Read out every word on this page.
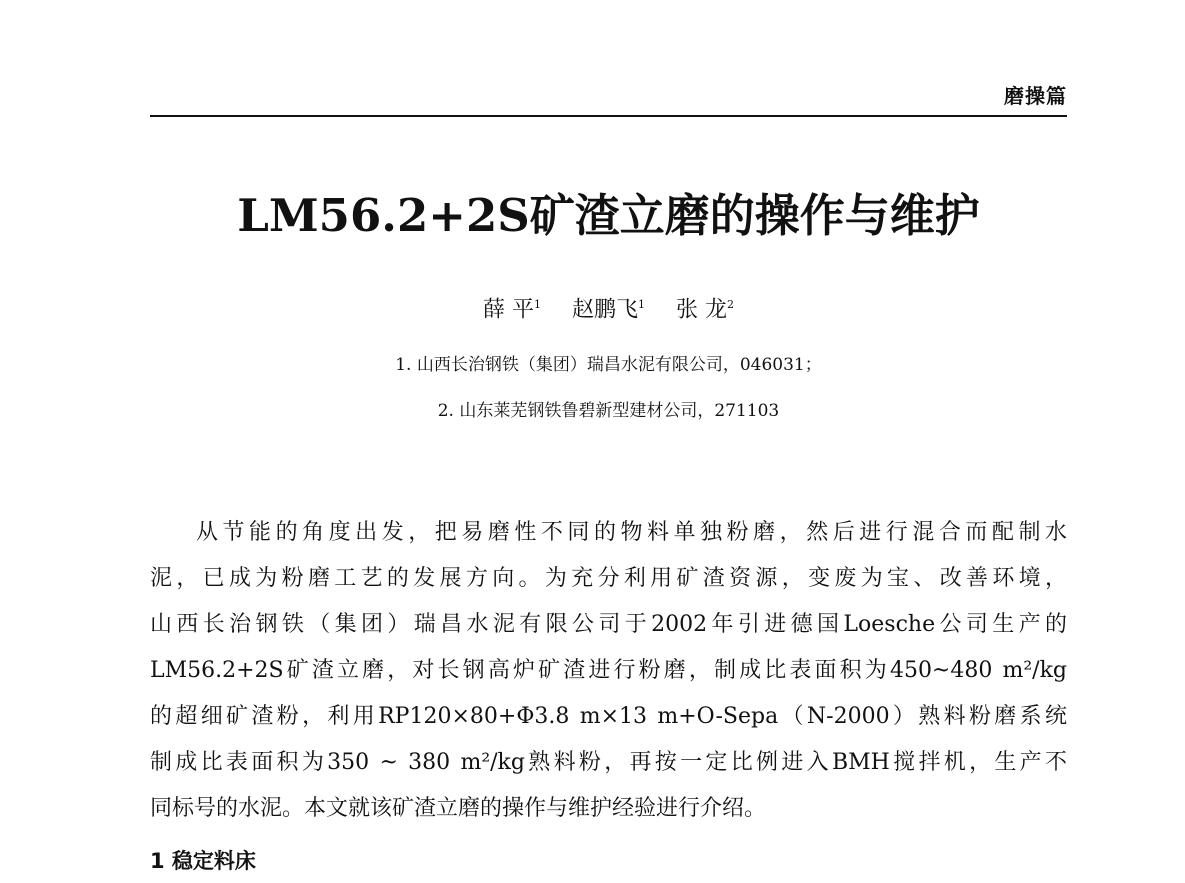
磨操篇
LM56.2+2S矿渣立磨的操作与维护
薛 平$^1$ 赵鹏飞$^1$ 张 龙$^2$
1. 山西长治钢铁（集团）瑞昌水泥有限公司，046031；
2. 山东莱芜钢铁鲁碧新型建材公司，271103
从节能的角度出发，把易磨性不同的物料单独粉磨，然后进行混合而配制水
泥，已成为粉磨工艺的发展方向。为充分利用矿渣资源，变废为宝、改善环境，
山西长治钢铁（集团）瑞昌水泥有限公司于2002年引进德国Loesche公司生产的
LM56.2+2S矿渣立磨，对长钢高炉矿渣进行粉磨，制成比表面积为450~480 m²/kg
的超细矿渣粉，利用RP120×80+Φ3.8 m×13 m+O-Sepa（N-2000）熟料粉磨系统
制成比表面积为350 ~ 380 m²/kg熟料粉，再按一定比例进入BMH搅拌机，生产不
同标号的水泥。本文就该矿渣立磨的操作与维护经验进行介绍。
1 稳定料床
